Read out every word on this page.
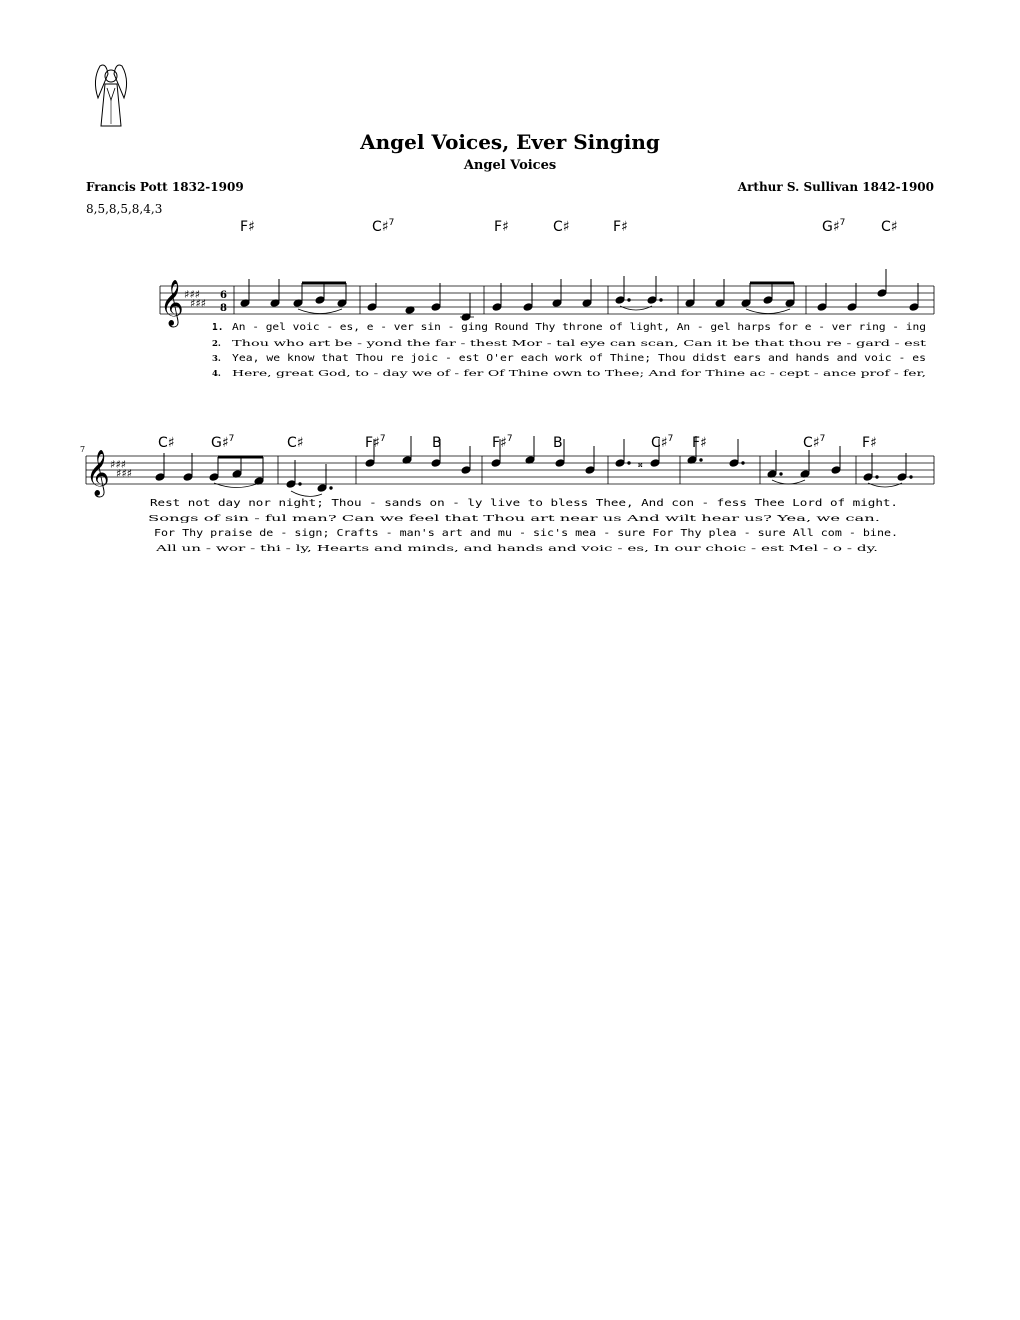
Angel Voices, Ever Singing
Angel Voices
Francis Pott 1832-1909	Arthur S. Sullivan 1842-1900
8,5,8,5,8,4,3
F♯	C♯$^7$	F♯	C♯	F♯	G♯$^7$	C♯
𝄞 ♯♯♯
♯♯♯
6
8
1.
2.
3.
4.
An - gel voic - es, e - ver sin - ging Round Thy throne of light, An - gel harps for e - ver ring - ing
Thou who art be - yond the far - thest Mor - tal eye can scan, Can it be that thou re - gard - est
Yea, we know that Thou re joic - est O'er each work of Thine; Thou didst ears and hands and voic - es
Here, great God, to - day we of - fer Of Thine own to Thee; And for Thine ac - cept - ance prof - fer,
C♯	G♯$^7$	C♯	F♯$^7$	B	F♯$^7$	B	C♯$^7$ F♯	C♯$^7$	F♯
7
𝄞 ♯♯♯
♯♯♯
𝄪
Rest not day nor night; Thou - sands on - ly live to bless Thee, And con - fess Thee Lord of might.
Songs of sin - ful man? Can we feel that Thou art near us And wilt hear us? Yea, we can.
For Thy praise de - sign; Crafts - man's art and mu - sic's mea - sure For Thy plea - sure All com - bine.
All un - wor - thi - ly, Hearts and minds, and hands and voic - es, In our choic - est Mel - o - dy.
